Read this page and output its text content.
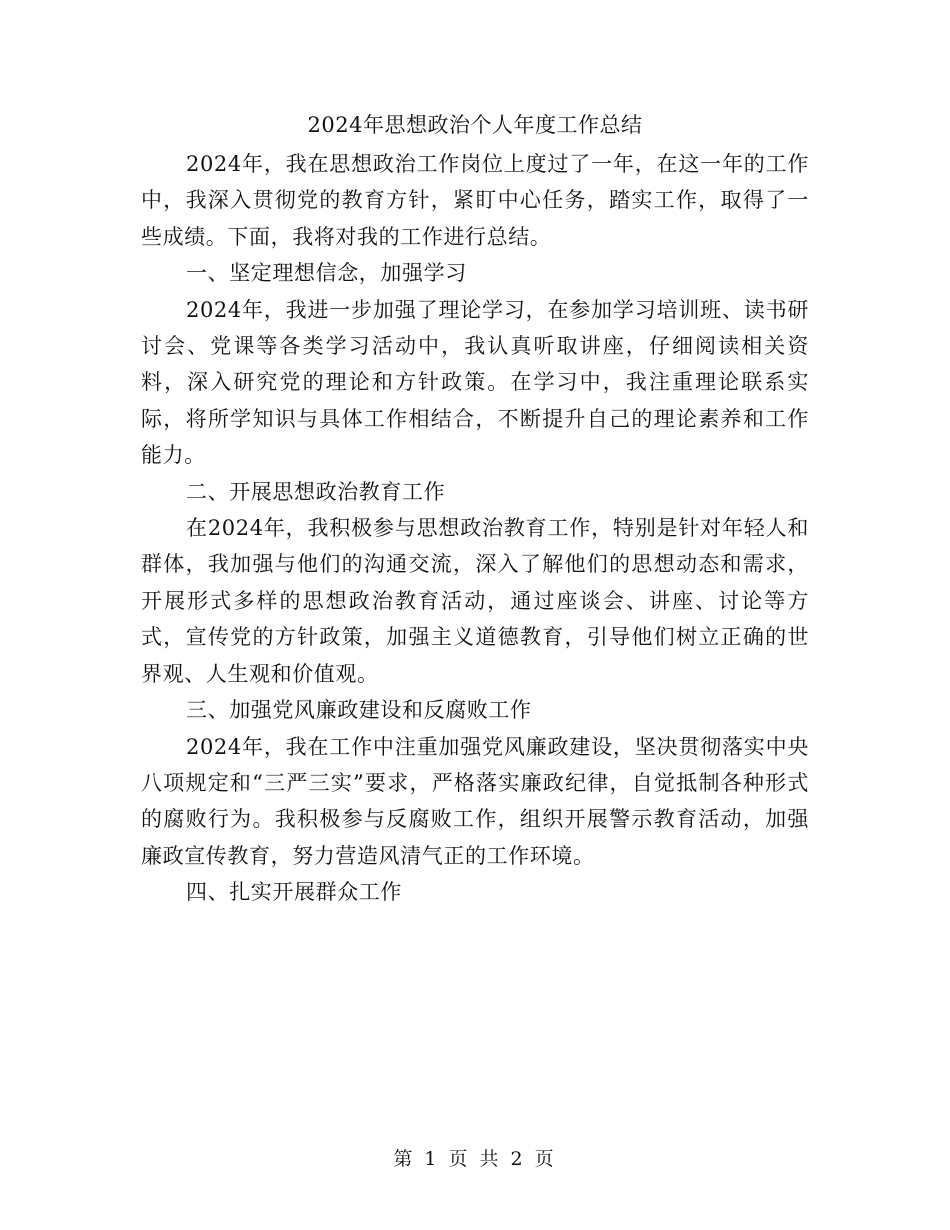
2024年思想政治个人年度工作总结

2024年，我在思想政治工作岗位上度过了一年，在这一年的工作中，我深入贯彻党的教育方针，紧盯中心任务，踏实工作，取得了一些成绩。下面，我将对我的工作进行总结。

一、坚定理想信念，加强学习

2024年，我进一步加强了理论学习，在参加学习培训班、读书研讨会、党课等各类学习活动中，我认真听取讲座，仔细阅读相关资料，深入研究党的理论和方针政策。在学习中，我注重理论联系实际，将所学知识与具体工作相结合，不断提升自己的理论素养和工作能力。

二、开展思想政治教育工作

在2024年，我积极参与思想政治教育工作，特别是针对年轻人和群体，我加强与他们的沟通交流，深入了解他们的思想动态和需求，开展形式多样的思想政治教育活动，通过座谈会、讲座、讨论等方式，宣传党的方针政策，加强主义道德教育，引导他们树立正确的世界观、人生观和价值观。

三、加强党风廉政建设和反腐败工作

2024年，我在工作中注重加强党风廉政建设，坚决贯彻落实中央八项规定和“三严三实”要求，严格落实廉政纪律，自觉抵制各种形式的腐败行为。我积极参与反腐败工作，组织开展警示教育活动，加强廉政宣传教育，努力营造风清气正的工作环境。

四、扎实开展群众工作

第 1 页 共 2 页
